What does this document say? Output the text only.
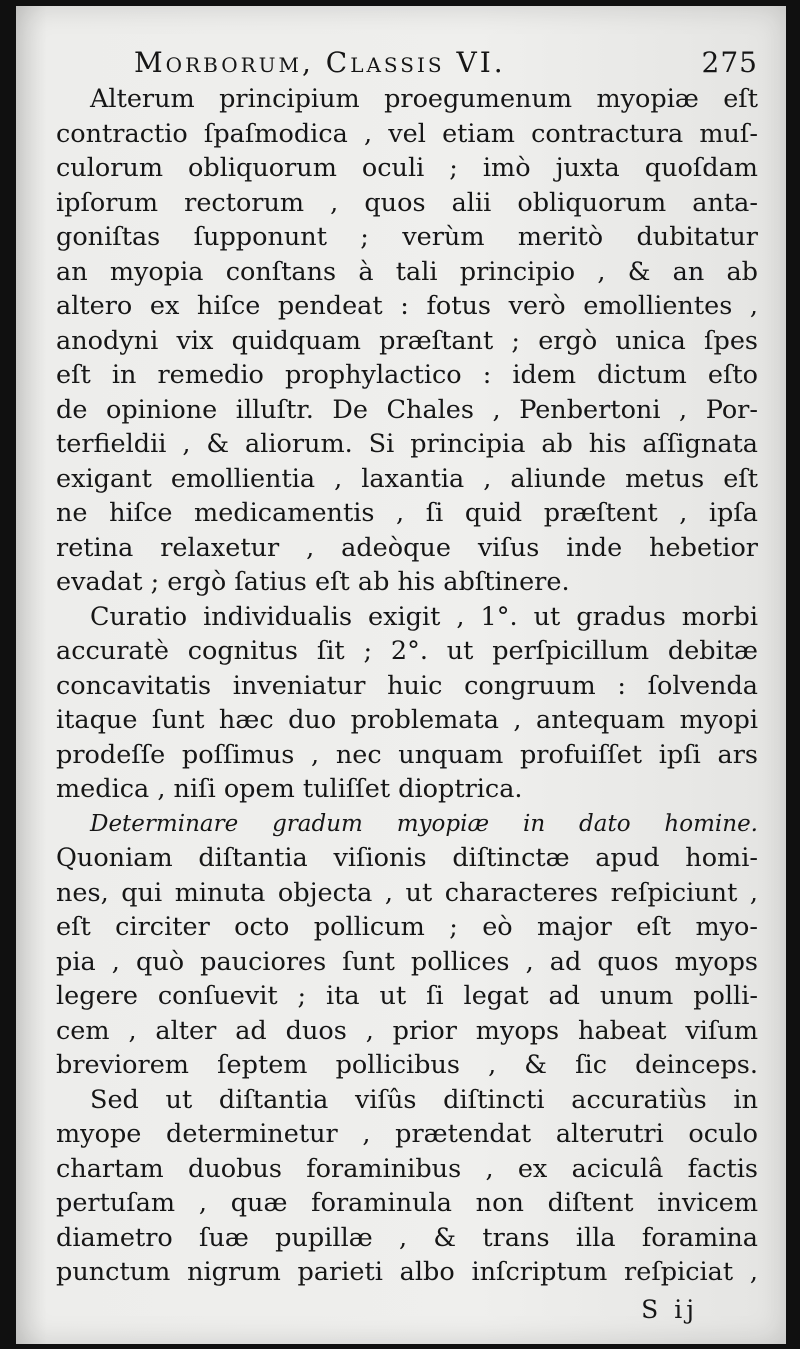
Morborum, Classis VI.	275
Alterum principium proegumenum myopiæ eſt
contractio ſpaſmodica , vel etiam contractura muſ-
culorum obliquorum oculi ; imò juxta quoſdam
ipſorum rectorum , quos alii obliquorum anta-
goniſtas ſupponunt ; verùm meritò dubitatur
an myopia conſtans à tali principio , & an ab
altero ex hiſce pendeat : fotus verò emollientes ,
anodyni vix quidquam præſtant ; ergò unica ſpes
eſt in remedio prophylactico : idem dictum eſto
de opinione illuſtr. De Chales , Penbertoni , Por-
terfieldii , & aliorum. Si principia ab his aſſignata
exigant emollientia , laxantia , aliunde metus eſt
ne hiſce medicamentis , ſi quid præſtent , ipſa
retina relaxetur , adeòque viſus inde hebetior
evadat ; ergò ſatius eſt ab his abſtinere.
Curatio individualis exigit , 1°. ut gradus morbi
accuratè cognitus ſit ; 2°. ut perſpicillum debitæ
concavitatis inveniatur huic congruum : ſolvenda
itaque ſunt hæc duo problemata , antequam myopi
prodeſſe poſſimus , nec unquam profuiſſet ipſi ars
medica , niſi opem tuliſſet dioptrica.
Determinare gradum myopiæ in dato homine.
Quoniam diſtantia viſionis diſtinctæ apud homi-
nes, qui minuta objecta , ut characteres reſpiciunt ,
eſt circiter octo pollicum ; eò major eſt myo-
pia , quò pauciores ſunt pollices , ad quos myops
legere conſuevit ; ita ut ſi legat ad unum polli-
cem , alter ad duos , prior myops habeat viſum
breviorem ſeptem pollicibus , & ſic deinceps.
Sed ut diſtantia viſûs diſtincti accuratiùs in
myope determinetur , prætendat alterutri oculo
chartam duobus foraminibus , ex aciculâ factis
pertuſam , quæ foraminula non diſtent invicem
diametro ſuæ pupillæ , & trans illa foramina
punctum nigrum parieti albo inſcriptum reſpiciat ,
S ij
